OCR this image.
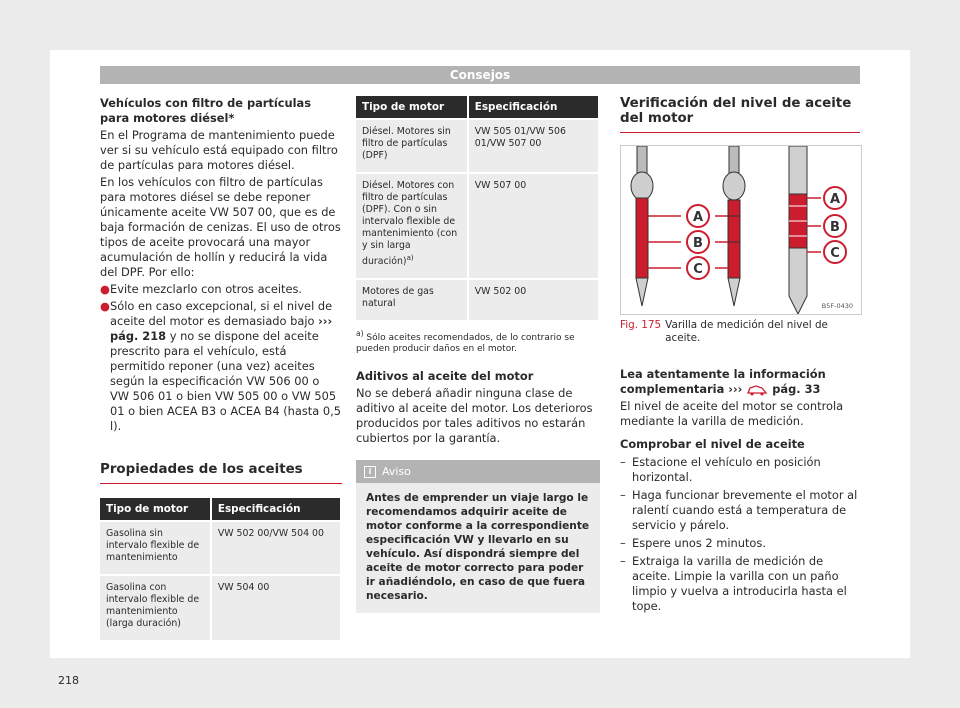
Consejos

Vehículos con filtro de partículas para motores diésel*

En el Programa de mantenimiento puede ver si su vehículo está equipado con filtro de partículas para motores diésel.

En los vehículos con filtro de partículas para motores diésel se debe reponer únicamente aceite VW 507 00, que es de baja formación de cenizas. El uso de otros tipos de aceite provocará una mayor acumulación de hollín y reducirá la vida del DPF. Por ello:

● Evite mezclarlo con otros aceites.
● Sólo en caso excepcional, si el nivel de aceite del motor es demasiado bajo ››› pág. 218 y no se dispone del aceite prescrito para el vehículo, está permitido reponer (una vez) aceites según la especificación VW 506 00 o VW 506 01 o bien VW 505 00 o VW 505 01 o bien ACEA B3 o ACEA B4 (hasta 0,5 l).
Propiedades de los aceites
Tipo de motor	Especificación
Gasolina sin intervalo flexible de mantenimiento	VW 502 00/VW 504 00
Gasolina con intervalo flexible de mantenimiento (larga duración)	VW 504 00
Tipo de motor	Especificación
Diésel. Motores sin filtro de partículas (DPF)	VW 505 01/VW 506 01/VW 507 00
Diésel. Motores con filtro de partículas (DPF). Con o sin intervalo flexible de mantenimiento (con y sin larga duración)$^{a)}$	VW 507 00
Motores de gas natural	VW 502 00
$^{a)}$ Sólo aceites recomendados, de lo contrario se pueden producir daños en el motor.

Aditivos al aceite del motor

No se deberá añadir ninguna clase de aditivo al aceite del motor. Los deterioros producidos por tales aditivos no estarán cubiertos por la garantía.

i Aviso
Antes de emprender un viaje largo le recomendamos adquirir aceite de motor conforme a la correspondiente especificación VW y llevarlo en su vehículo. Así dispondrá siempre del aceite de motor correcto para poder ir añadiéndolo, en caso de que fuera necesario.
Verificación del nivel de aceite del motor
A
B
C
A
B
C
B5F-0430
Fig. 175 Varilla de medición del nivel de aceite.

Lea atentamente la información complementaria ›››	pág. 33

El nivel de aceite del motor se controla mediante la varilla de medición.

Comprobar el nivel de aceite

– Estacione el vehículo en posición horizontal.
– Haga funcionar brevemente el motor al ralentí cuando está a temperatura de servicio y párelo.
– Espere unos 2 minutos.
– Extraiga la varilla de medición de aceite. Limpie la varilla con un paño limpio y vuelva a introducirla hasta el tope.
218
